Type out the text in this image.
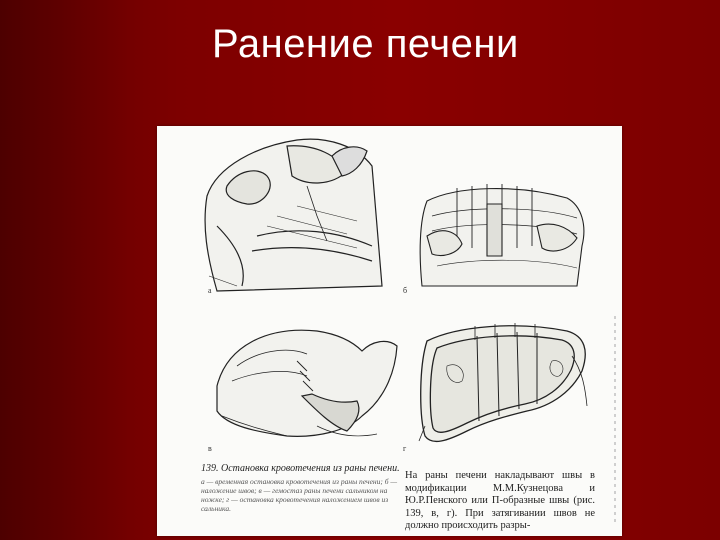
Ранение печени
а	б
в	г
139. Остановка кровотечения из раны печени.
а — временная остановка кровотечения из раны печени; б — наложение швов; в — гемостаз раны печени сальником на ножке; г — остановка кровотечения наложением швов из сальника.
На раны печени накладывают швы в модификации М.М.Кузнецова и Ю.Р.Пенского или П-образные швы (рис. 139, в, г). При затягивании швов не должно происходить разры-
